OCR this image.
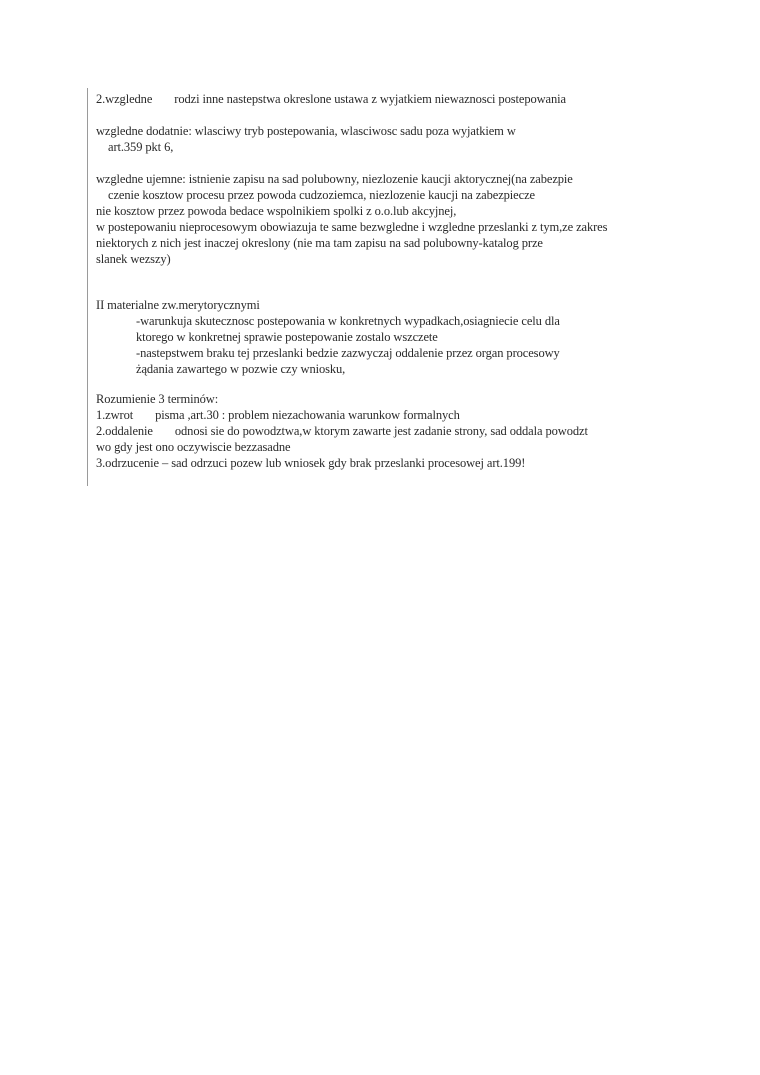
2.wzgledne rodzi inne nastepstwa okreslone ustawa z wyjatkiem niewaznosci postepowania
wzgledne dodatnie: wlasciwy tryb postepowania, wlasciwosc sadu poza wyjatkiem w
art.359 pkt 6,
wzgledne ujemne: istnienie zapisu na sad polubowny, niezlozenie kaucji aktorycznej(na zabezpie
czenie kosztow procesu przez powoda cudzoziemca, niezlozenie kaucji na zabezpiecze
nie kosztow przez powoda bedace wspolnikiem spolki z o.o.lub akcyjnej,
w postepowaniu nieprocesowym obowiazuja te same bezwgledne i wzgledne przeslanki z tym,ze zakres
niektorych z nich jest inaczej okreslony (nie ma tam zapisu na sad polubowny-katalog prze
slanek wezszy)
II materialne zw.merytorycznymi
-warunkuja skutecznosc postepowania w konkretnych wypadkach,osiagniecie celu dla
ktorego w konkretnej sprawie postepowanie zostalo wszczete
-nastepstwem braku tej przeslanki bedzie zazwyczaj oddalenie przez organ procesowy
żądania zawartego w pozwie czy wniosku,
Rozumienie 3 terminów:
1.zwrot pisma ,art.30 : problem niezachowania warunkow formalnych
2.oddalenie odnosi sie do powodztwa,w ktorym zawarte jest zadanie strony, sad oddala powodzt
wo gdy jest ono oczywiscie bezzasadne
3.odrzucenie – sad odrzuci pozew lub wniosek gdy brak przeslanki procesowej art.199!
